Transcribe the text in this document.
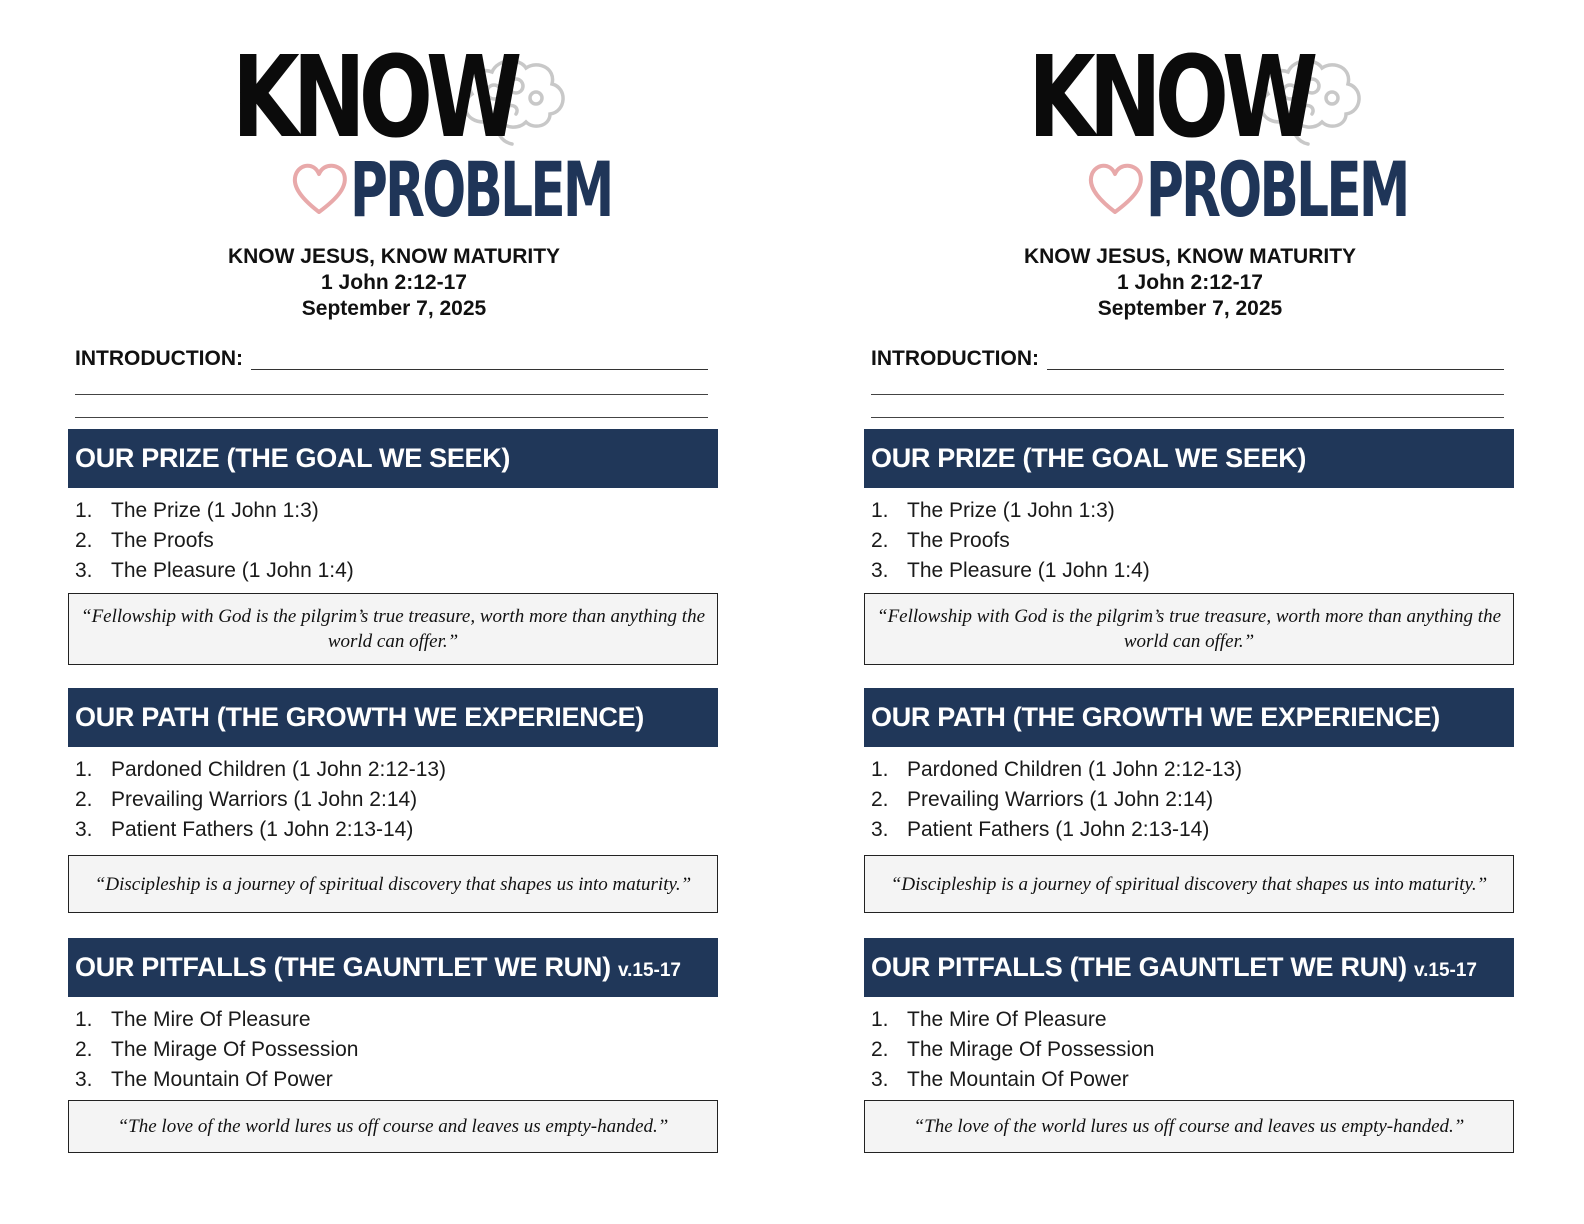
KNOW
PROBLEM
KNOW JESUS, KNOW MATURITY
1 John 2:12-17
September 7, 2025
INTRODUCTION:
OUR PRIZE (THE GOAL WE SEEK)
1. The Prize (1 John 1:3)
2. The Proofs
3. The Pleasure (1 John 1:4)
“Fellowship with God is the pilgrim’s true treasure, worth more than anything the world can offer.”
OUR PATH (THE GROWTH WE EXPERIENCE)
1. Pardoned Children (1 John 2:12-13)
2. Prevailing Warriors (1 John 2:14)
3. Patient Fathers (1 John 2:13-14)
“Discipleship is a journey of spiritual discovery that shapes us into maturity.”
OUR PITFALLS (THE GAUNTLET WE RUN) v.15-17
1. The Mire Of Pleasure
2. The Mirage Of Possession
3. The Mountain Of Power
“The love of the world lures us off course and leaves us empty-handed.”
KNOW
PROBLEM
KNOW JESUS, KNOW MATURITY
1 John 2:12-17
September 7, 2025
INTRODUCTION:
OUR PRIZE (THE GOAL WE SEEK)
1. The Prize (1 John 1:3)
2. The Proofs
3. The Pleasure (1 John 1:4)
“Fellowship with God is the pilgrim’s true treasure, worth more than anything the world can offer.”
OUR PATH (THE GROWTH WE EXPERIENCE)
1. Pardoned Children (1 John 2:12-13)
2. Prevailing Warriors (1 John 2:14)
3. Patient Fathers (1 John 2:13-14)
“Discipleship is a journey of spiritual discovery that shapes us into maturity.”
OUR PITFALLS (THE GAUNTLET WE RUN) v.15-17
1. The Mire Of Pleasure
2. The Mirage Of Possession
3. The Mountain Of Power
“The love of the world lures us off course and leaves us empty-handed.”
